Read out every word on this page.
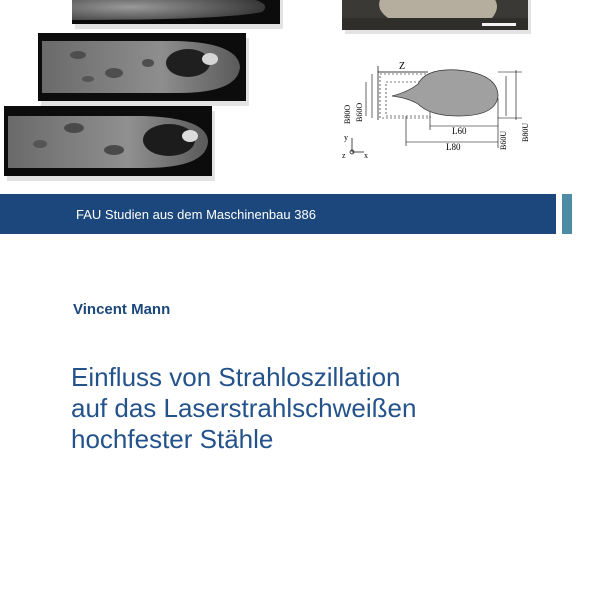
Z
L60
L80
B80O B60O
B60U B80U
y
z x
FAU Studien aus dem Maschinenbau 386
Vincent Mann
Einfluss von Strahloszillation
auf das Laserstrahlschweißen
hochfester Stähle
